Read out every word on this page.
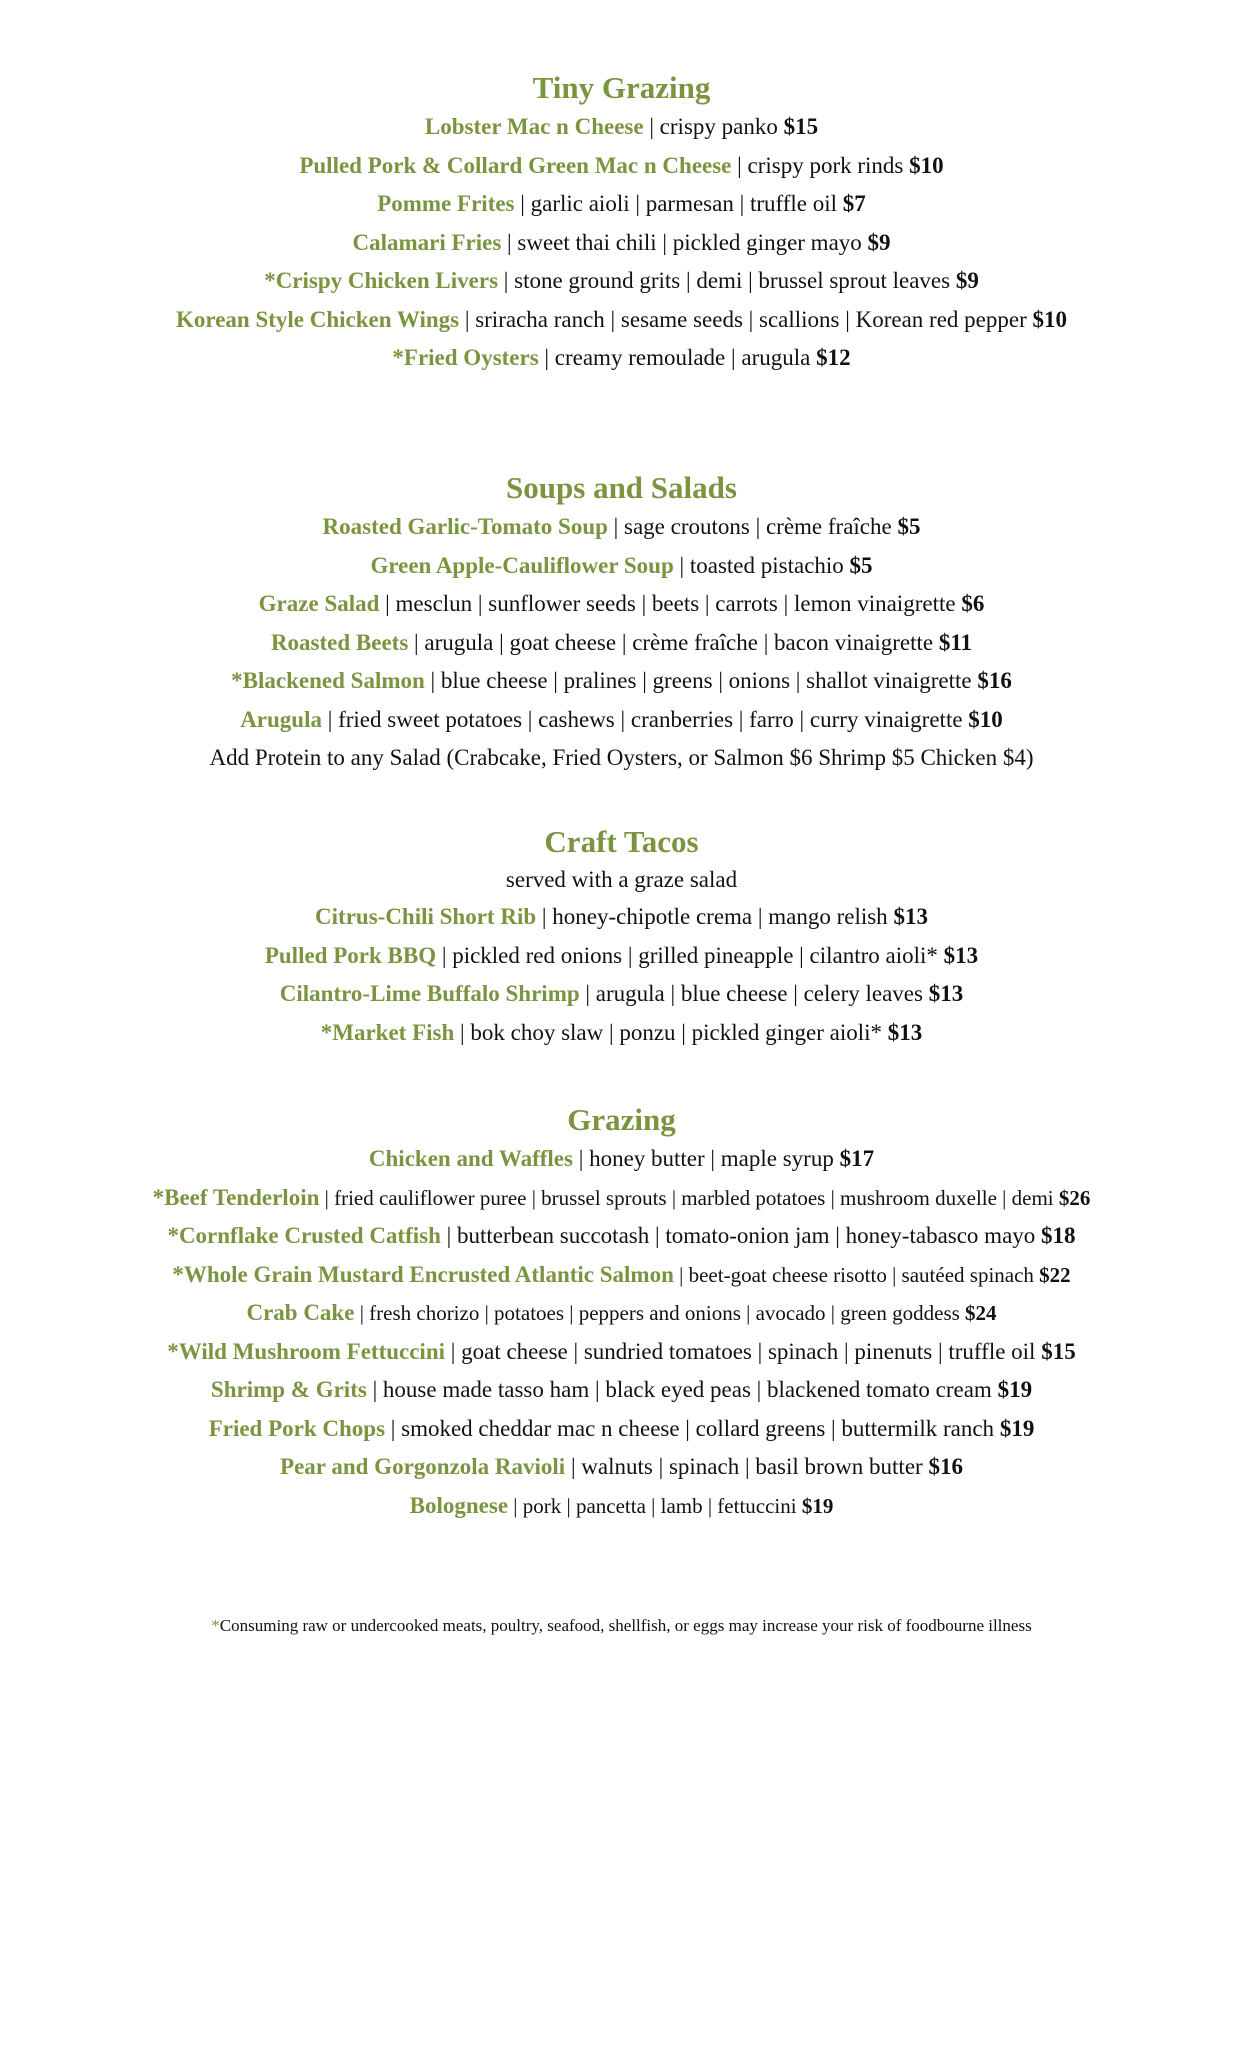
Tiny Grazing
Lobster Mac n Cheese | crispy panko $15
Pulled Pork & Collard Green Mac n Cheese | crispy pork rinds $10
Pomme Frites | garlic aioli | parmesan | truffle oil $7
Calamari Fries | sweet thai chili | pickled ginger mayo $9
*Crispy Chicken Livers | stone ground grits | demi | brussel sprout leaves $9
Korean Style Chicken Wings | sriracha ranch | sesame seeds | scallions | Korean red pepper $10
*Fried Oysters | creamy remoulade | arugula $12
Soups and Salads
Roasted Garlic-Tomato Soup | sage croutons | crème fraîche $5
Green Apple-Cauliflower Soup | toasted pistachio $5
Graze Salad | mesclun | sunflower seeds | beets | carrots | lemon vinaigrette $6
Roasted Beets | arugula | goat cheese | crème fraîche | bacon vinaigrette $11
*Blackened Salmon | blue cheese | pralines | greens | onions | shallot vinaigrette $16
Arugula | fried sweet potatoes | cashews | cranberries | farro | curry vinaigrette $10
Add Protein to any Salad (Crabcake, Fried Oysters, or Salmon $6 Shrimp $5 Chicken $4)
Craft Tacos
served with a graze salad
Citrus-Chili Short Rib | honey-chipotle crema | mango relish $13
Pulled Pork BBQ | pickled red onions | grilled pineapple | cilantro aioli* $13
Cilantro-Lime Buffalo Shrimp | arugula | blue cheese | celery leaves $13
*Market Fish | bok choy slaw | ponzu | pickled ginger aioli* $13
Grazing
Chicken and Waffles | honey butter | maple syrup $17
*Beef Tenderloin | fried cauliflower puree | brussel sprouts | marbled potatoes | mushroom duxelle | demi $26
*Cornflake Crusted Catfish | butterbean succotash | tomato-onion jam | honey-tabasco mayo $18
*Whole Grain Mustard Encrusted Atlantic Salmon | beet-goat cheese risotto | sautéed spinach $22
Crab Cake | fresh chorizo | potatoes | peppers and onions | avocado | green goddess $24
*Wild Mushroom Fettuccini | goat cheese | sundried tomatoes | spinach | pinenuts | truffle oil $15
Shrimp & Grits | house made tasso ham | black eyed peas | blackened tomato cream $19
Fried Pork Chops | smoked cheddar mac n cheese | collard greens | buttermilk ranch $19
Pear and Gorgonzola Ravioli | walnuts | spinach | basil brown butter $16
Bolognese | pork | pancetta | lamb | fettuccini $19
*Consuming raw or undercooked meats, poultry, seafood, shellfish, or eggs may increase your risk of foodbourne illness
